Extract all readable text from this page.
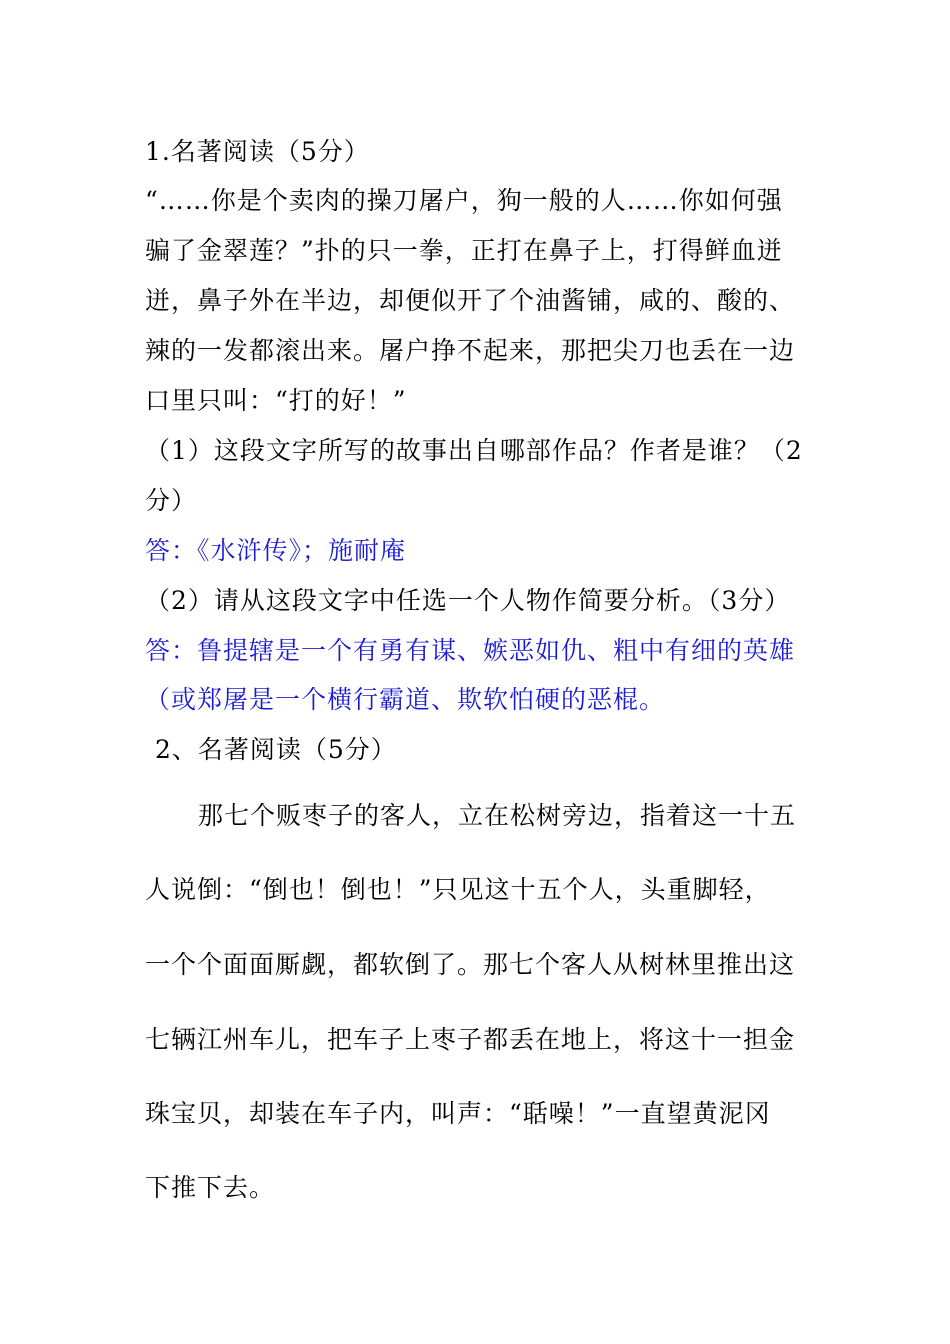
1.名著阅读（5分）
“……你是个卖肉的操刀屠户，狗一般的人……你如何强
骗了金翠莲？”扑的只一拳，正打在鼻子上，打得鲜血迸
迸，鼻子外在半边，却便似开了个油酱铺，咸的、酸的、
辣的一发都滚出来。屠户挣不起来，那把尖刀也丢在一边
口里只叫：“打的好！”
（1）这段文字所写的故事出自哪部作品？作者是谁？（2
分）
答：《水浒传》；施耐庵
（2）请从这段文字中任选一个人物作简要分析。（3分）
答：鲁提辖是一个有勇有谋、嫉恶如仇、粗中有细的英雄
（或郑屠是一个横行霸道、欺软怕硬的恶棍。
2、名著阅读（5分）
那七个贩枣子的客人，立在松树旁边，指着这一十五
人说倒：“倒也！倒也！”只见这十五个人，头重脚轻，
一个个面面厮觑，都软倒了。那七个客人从树林里推出这
七辆江州车儿，把车子上枣子都丢在地上，将这十一担金
珠宝贝，却装在车子内，叫声：“聒噪！”一直望黄泥冈
下推下去。
